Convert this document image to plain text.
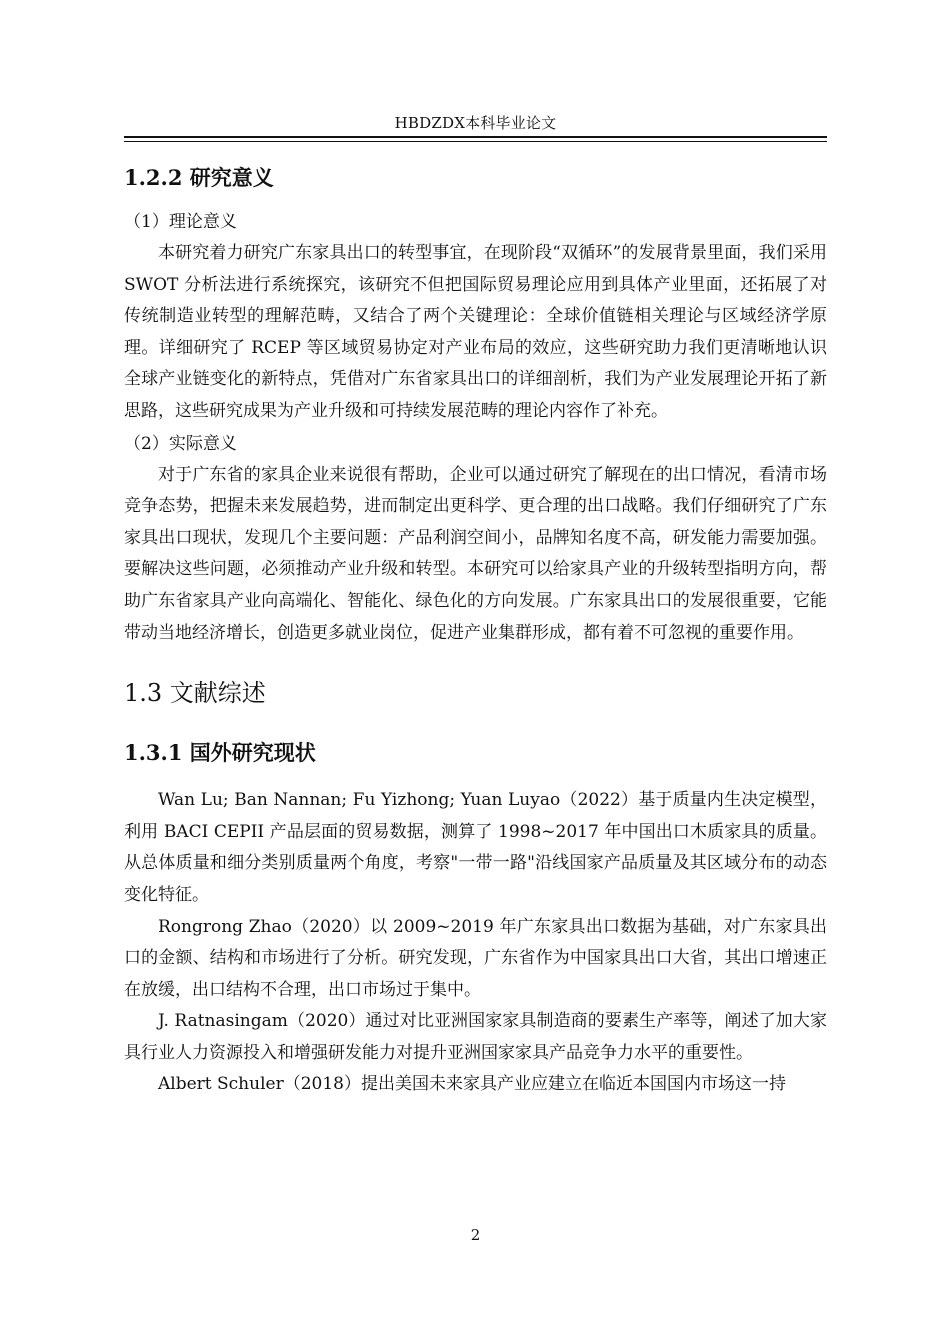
HBDZDX本科毕业论文
1.2.2 研究意义
（1）理论意义

本研究着力研究广东家具出口的转型事宜，在现阶段“双循环”的发展背景里面，我们采用 SWOT 分析法进行系统探究，该研究不但把国际贸易理论应用到具体产业里面，还拓展了对传统制造业转型的理解范畴，又结合了两个关键理论：全球价值链相关理论与区域经济学原理。详细研究了 RCEP 等区域贸易协定对产业布局的效应，这些研究助力我们更清晰地认识全球产业链变化的新特点，凭借对广东省家具出口的详细剖析，我们为产业发展理论开拓了新思路，这些研究成果为产业升级和可持续发展范畴的理论内容作了补充。

（2）实际意义

对于广东省的家具企业来说很有帮助，企业可以通过研究了解现在的出口情况，看清市场竞争态势，把握未来发展趋势，进而制定出更科学、更合理的出口战略。我们仔细研究了广东家具出口现状，发现几个主要问题：产品利润空间小，品牌知名度不高，研发能力需要加强。要解决这些问题，必须推动产业升级和转型。本研究可以给家具产业的升级转型指明方向，帮助广东省家具产业向高端化、智能化、绿色化的方向发展。广东家具出口的发展很重要，它能带动当地经济增长，创造更多就业岗位，促进产业集群形成，都有着不可忽视的重要作用。

1.3 文献综述
1.3.1 国外研究现状

Wan Lu; Ban Nannan; Fu Yizhong; Yuan Luyao（2022）基于质量内生决定模型，利用 BACI CEPII 产品层面的贸易数据，测算了 1998~2017 年中国出口木质家具的质量。从总体质量和细分类别质量两个角度，考察"一带一路"沿线国家产品质量及其区域分布的动态变化特征。

Rongrong Zhao（2020）以 2009~2019 年广东家具出口数据为基础，对广东家具出口的金额、结构和市场进行了分析。研究发现，广东省作为中国家具出口大省，其出口增速正在放缓，出口结构不合理，出口市场过于集中。

J. Ratnasingam（2020）通过对比亚洲国家家具制造商的要素生产率等，阐述了加大家具行业人力资源投入和增强研发能力对提升亚洲国家家具产品竞争力水平的重要性。

Albert Schuler（2018）提出美国未来家具产业应建立在临近本国国内市场这一持

2
